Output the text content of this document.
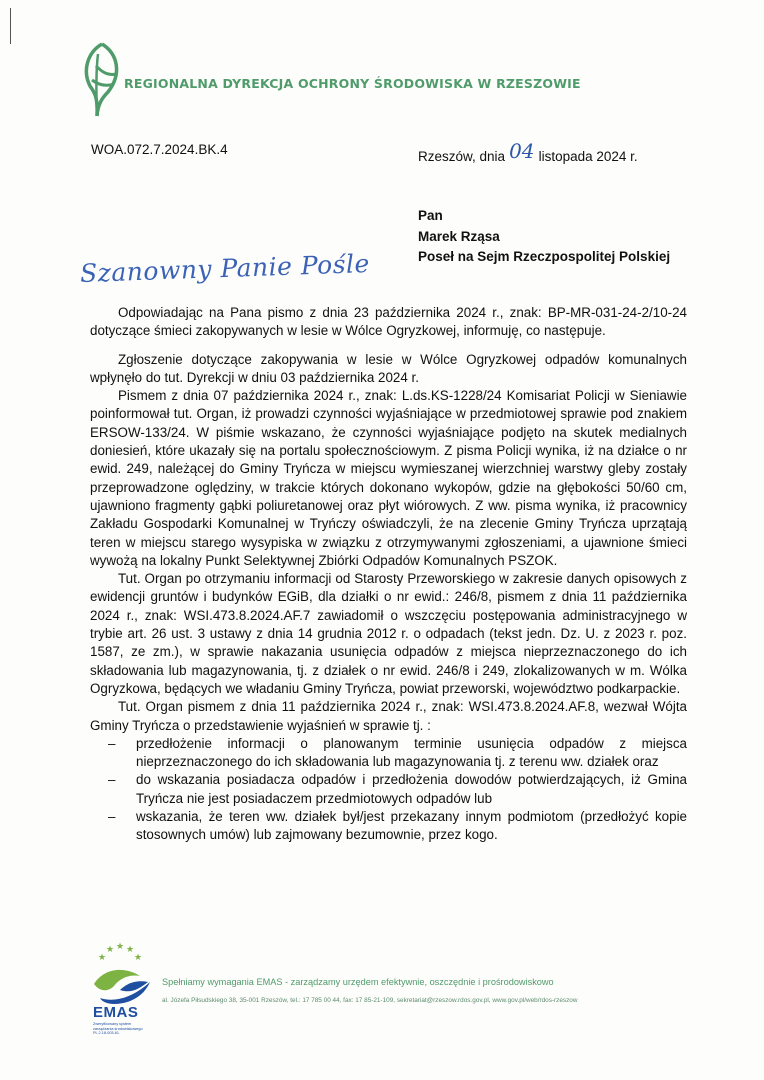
REGIONALNA DYREKCJA OCHRONY ŚRODOWISKA W RZESZOWIE
WOA.072.7.2024.BK.4	Rzeszów, dnia 04 listopada 2024 r.
Pan
Marek Rząsa
Poseł na Sejm Rzeczpospolitej Polskiej
Szanowny Panie Pośle

Odpowiadając na Pana pismo z dnia 23 października 2024 r., znak: BP-MR-031-24-2/10-24 dotyczące śmieci zakopywanych w lesie w Wólce Ogryzkowej, informuję, co następuje.

Zgłoszenie dotyczące zakopywania w lesie w Wólce Ogryzkowej odpadów komunalnych wpłynęło do tut. Dyrekcji w dniu 03 października 2024 r.

Pismem z dnia 07 października 2024 r., znak: L.ds.KS-1228/24 Komisariat Policji w Sieniawie poinformował tut. Organ, iż prowadzi czynności wyjaśniające w przedmiotowej sprawie pod znakiem ERSOW-133/24. W piśmie wskazano, że czynności wyjaśniające podjęto na skutek medialnych doniesień, które ukazały się na portalu społecznościowym. Z pisma Policji wynika, iż na działce o nr ewid. 249, należącej do Gminy Tryńcza w miejscu wymieszanej wierzchniej warstwy gleby zostały przeprowadzone oględziny, w trakcie których dokonano wykopów, gdzie na głębokości 50/60 cm, ujawniono fragmenty gąbki poliuretanowej oraz płyt wiórowych. Z ww. pisma wynika, iż pracownicy Zakładu Gospodarki Komunalnej w Tryńczy oświadczyli, że na zlecenie Gminy Tryńcza uprzątają teren w miejscu starego wysypiska w związku z otrzymywanymi zgłoszeniami, a ujawnione śmieci wywożą na lokalny Punkt Selektywnej Zbiórki Odpadów Komunalnych PSZOK.

Tut. Organ po otrzymaniu informacji od Starosty Przeworskiego w zakresie danych opisowych z ewidencji gruntów i budynków EGiB, dla działki o nr ewid.: 246/8, pismem z dnia 11 października 2024 r., znak: WSI.473.8.2024.AF.7 zawiadomił o wszczęciu postępowania administracyjnego w trybie art. 26 ust. 3 ustawy z dnia 14 grudnia 2012 r. o odpadach (tekst jedn. Dz. U. z 2023 r. poz. 1587, ze zm.), w sprawie nakazania usunięcia odpadów z miejsca nieprzeznaczonego do ich składowania lub magazynowania, tj. z działek o nr ewid. 246/8 i 249, zlokalizowanych w m. Wólka Ogryzkowa, będących we władaniu Gminy Tryńcza, powiat przeworski, województwo podkarpackie.

Tut. Organ pismem z dnia 11 października 2024 r., znak: WSI.473.8.2024.AF.8, wezwał Wójta Gminy Tryńcza o przedstawienie wyjaśnień w sprawie tj. :

– przedłożenie informacji o planowanym terminie usunięcia odpadów z miejsca nieprzeznaczonego do ich składowania lub magazynowania tj. z terenu ww. działek oraz
– do wskazania posiadacza odpadów i przedłożenia dowodów potwierdzających, iż Gmina Tryńcza nie jest posiadaczem przedmiotowych odpadów lub
– wskazania, że teren ww. działek był/jest przekazany innym podmiotom (przedłożyć kopie stosownych umów) lub zajmowany bezumownie, przez kogo.
★ ★ ★
★	★
EMAS
Zweryfikowany system zarządzania środowiskowego PL 2.18-003-61
Spełniamy wymagania EMAS - zarządzamy urzędem efektywnie, oszczędnie i prośrodowiskowo
al. Józefa Piłsudskiego 38, 35-001 Rzeszów, tel.: 17 785 00 44, fax: 17 85-21-109, sekretariat@rzeszow.rdos.gov.pl, www.gov.pl/web/rdos-rzeszow
